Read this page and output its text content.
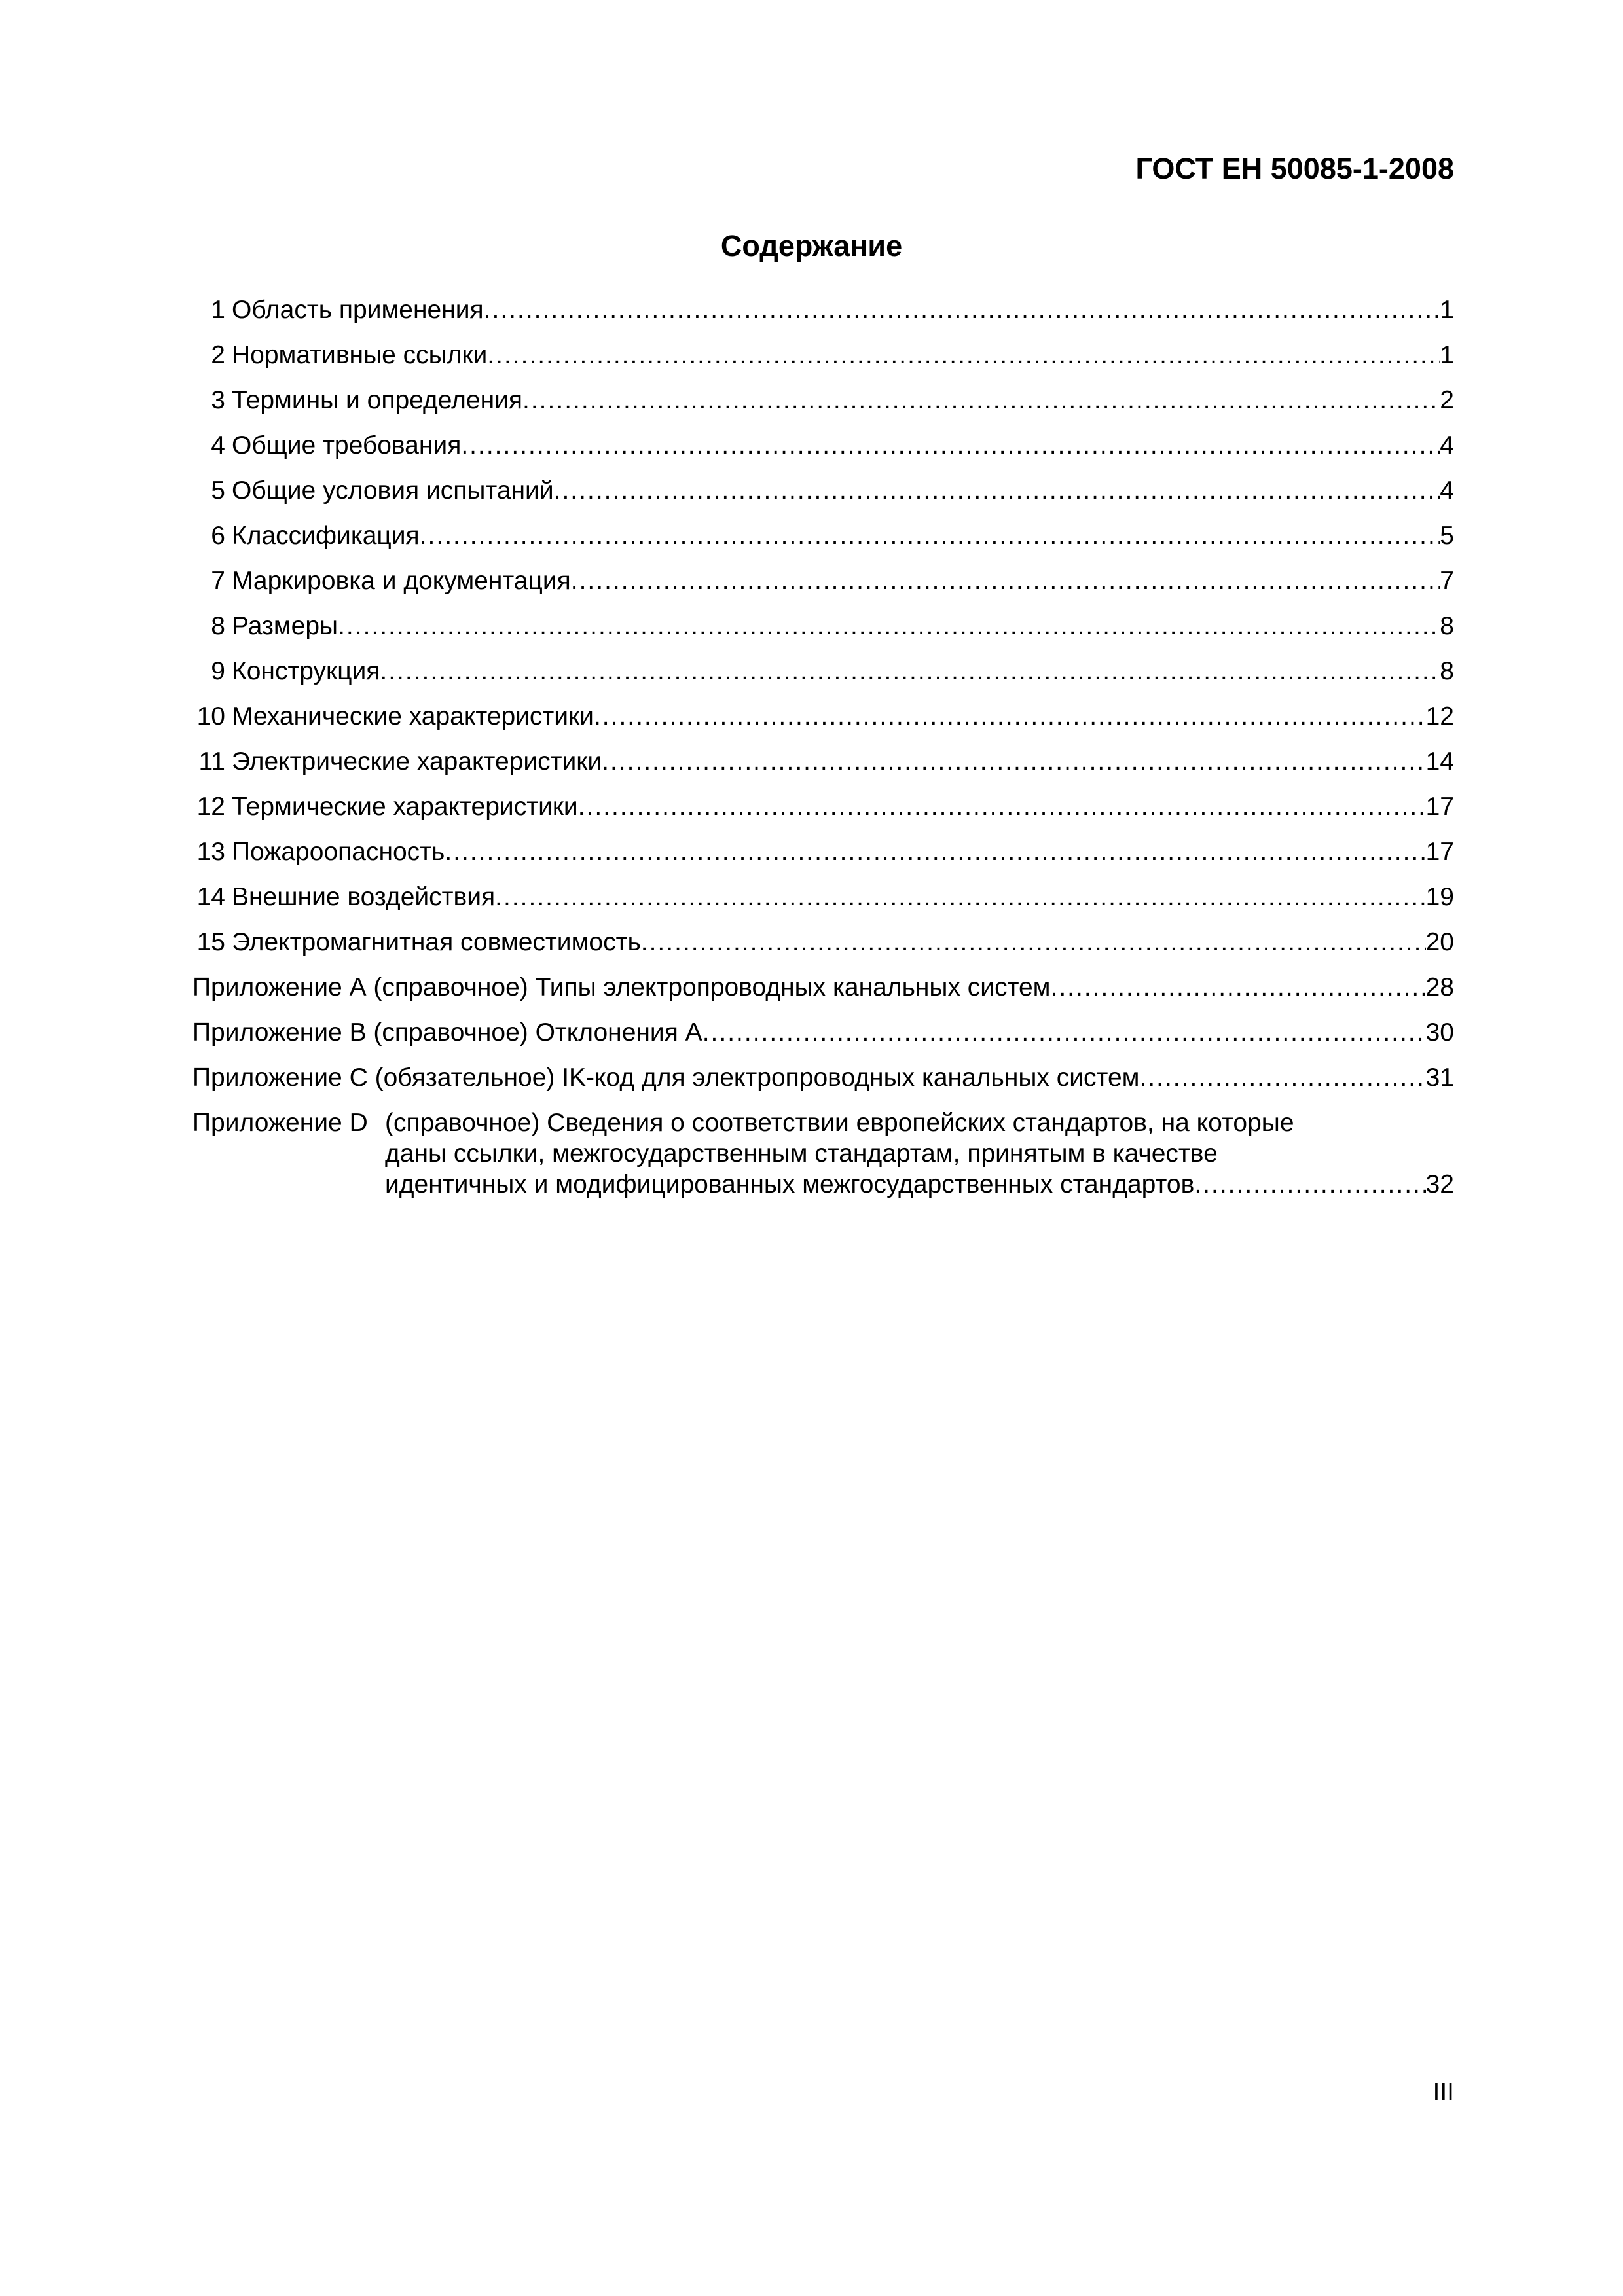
ГОСТ ЕН 50085-1-2008
Содержание
1 Область применения .....	1
2 Нормативные ссылки .....	1
3 Термины и определения .....	2
4 Общие требования .....	4
5 Общие условия испытаний .....	4
6 Классификация .....	5
7 Маркировка и документация .....	7
8 Размеры .....	8
9 Конструкция .....	8
10 Механические характеристики .....	12
11 Электрические характеристики .....	14
12 Термические характеристики .....	17
13 Пожароопасность .....	17
14 Внешние воздействия .....	19
15 Электромагнитная совместимость .....	20
Приложение А (справочное) Типы электропроводных канальных систем .....	28
Приложение В (справочное) Отклонения А .....	30
Приложение С (обязательное) IK-код для электропроводных канальных систем .....	31
Приложение D (справочное) Сведения о соответствии европейских стандартов, на которые
даны ссылки, межгосударственным стандартам, принятым в качестве
идентичных и модифицированных межгосударственных стандартов .....	32
III
